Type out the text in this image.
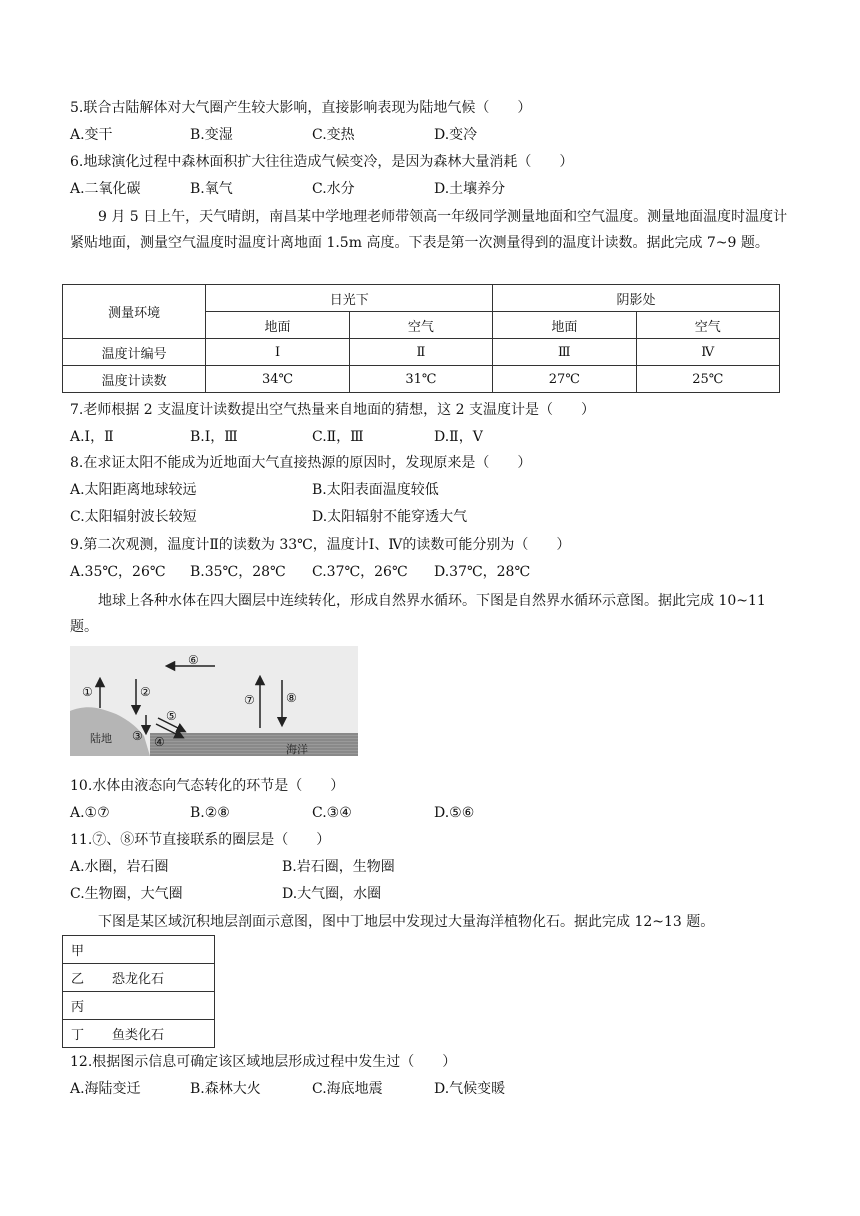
5.联合古陆解体对大气圈产生较大影响，直接影响表现为陆地气候（　　）
A.变干	B.变湿	C.变热	D.变冷
6.地球演化过程中森林面积扩大往往造成气候变冷，是因为森林大量消耗（　　）
A.二氧化碳	B.氧气	C.水分	D.土壤养分
9 月 5 日上午，天气晴朗，南昌某中学地理老师带领高一年级同学测量地面和空气温度。测量地面温度时温度计紧贴地面，测量空气温度时温度计离地面 1.5m 高度。下表是第一次测量得到的温度计读数。据此完成 7~9 题。
测量环境	日光下		阴影处	
	地面	空气	地面	空气
温度计编号	Ⅰ	Ⅱ	Ⅲ	Ⅳ
温度计读数	34℃	31℃	27℃	25℃
7.老师根据 2 支温度计读数提出空气热量来自地面的猜想，这 2 支温度计是（　　）
A.Ⅰ，Ⅱ	B.Ⅰ，Ⅲ	C.Ⅱ，Ⅲ	D.Ⅱ，Ⅴ
8.在求证太阳不能成为近地面大气直接热源的原因时，发现原来是（　　）
A.太阳距离地球较远	B.太阳表面温度较低
C.太阳辐射波长较短	D.太阳辐射不能穿透大气
9.第二次观测，温度计Ⅱ的读数为 33℃，温度计Ⅰ、Ⅳ的读数可能分别为（　　）
A.35℃，26℃ B.35℃，28℃ C.37℃，26℃ D.37℃，28℃
地球上各种水体在四大圈层中连续转化，形成自然界水循环。下图是自然界水循环示意图。据此完成 10~11 题。
①	②
③ ④
⑤
⑥
⑦	⑧
陆地
海洋
10.水体由液态向气态转化的环节是（　　）
A.①⑦	B.②⑧	C.③④	D.⑤⑥
11.⑦、⑧环节直接联系的圈层是（　　）
A.水圈，岩石圈	B.岩石圈，生物圈
C.生物圈，大气圈	D.大气圈，水圈
下图是某区域沉积地层剖面示意图，图中丁地层中发现过大量海洋植物化石。据此完成 12~13 题。
甲
乙 恐龙化石
丙
丁 鱼类化石
12.根据图示信息可确定该区域地层形成过程中发生过（　　）
A.海陆变迁	B.森林大火	C.海底地震	D.气候变暖
